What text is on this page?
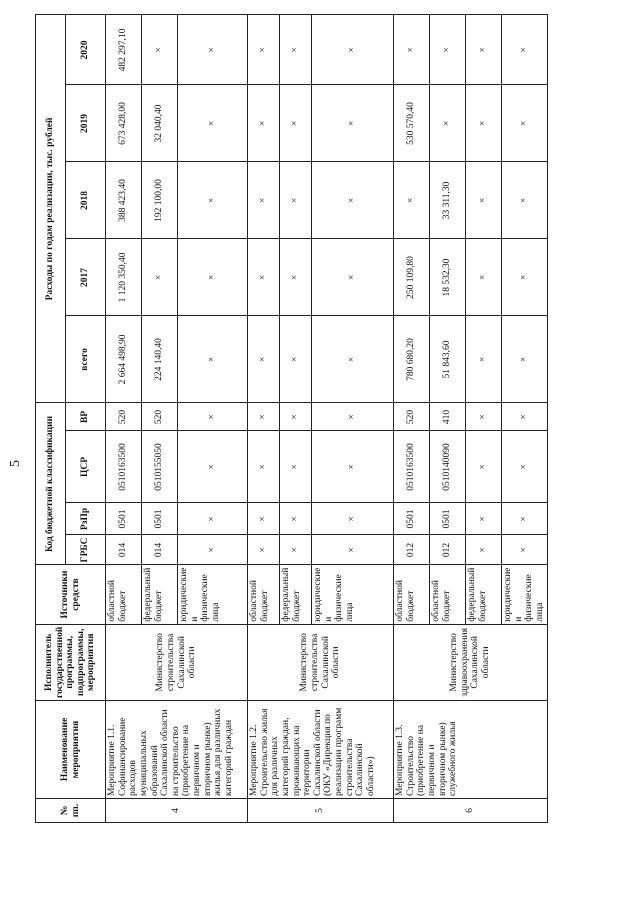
5
№ пп.	Наименование мероприятия	Исполнитель государственной программы, подпрограммы, мероприятия	Источники средств	Код бюджетной классификации				Расходы по годам реализации, тыс. рублей				
				ГРБС	РзПр	ЦСР	ВР	всего	2017	2018	2019	2020
4	Мероприятие 1.1. Софинансирование расходов муниципальных образований Сахалинской области на строительство (приобретение на первичном и вторичном рынке) жилья для различных категорий граждан	Министерство строительства Сахалинской области	областной бюджет	014	0501	0510163500	520	2 664 498,90	1 120 350,40	388 423,40	673 428,00	482 297,10
			федеральный бюджет	014	0501	0510155050	520	224 140,40	×	192 100,00	32 040,40	×
			юридические и физические лица	×	×	×	×	×	×	×	×	×
5	Мероприятие 1.2. Строительство жилья для различных категорий граждан, проживающих на территории Сахалинской области (ОКУ «Дирекция по реализации программ строительства Сахалинской области»)	Министерство строительства Сахалинской области	областной бюджет	×	×	×	×	×	×	×	×	×
			федеральный бюджет	×	×	×	×	×	×	×	×	×
			юридические и физические лица	×	×	×	×	×	×	×	×	×
6	Мероприятие 1.3. Строительство (приобретение на первичном и вторичном рынке) служебного жилья	Министерство здравоохранения Сахалинской области	областной бюджет	012	0501	0510163500	520	780 680,20	250 109,80	×	530 570,40	×
			областной бюджет	012	0501	0510140090	410	51 843,60	18 532,30	33 311,30	×	×
			федеральный бюджет	×	×	×	×	×	×	×	×	×
			юридические и физические лица	×	×	×	×	×	×	×	×	×
